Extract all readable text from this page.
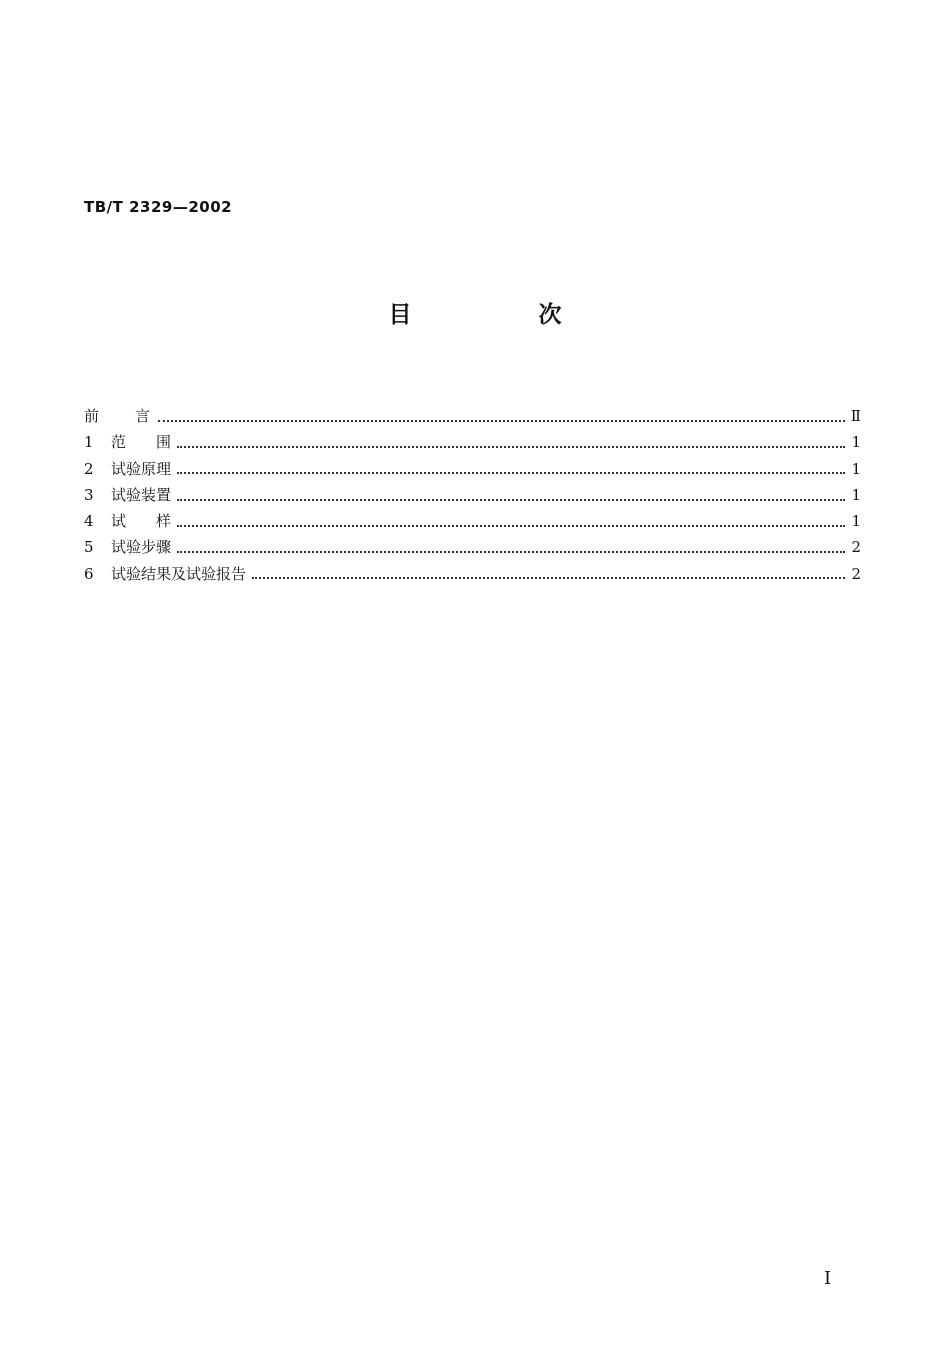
TB/T 2329—2002
目　次
前　　言	Ⅱ
1	范　　围	1
2	试验原理	1
3	试验装置	1
4	试　　样	1
5	试验步骤	2
6	试验结果及试验报告	2
I
